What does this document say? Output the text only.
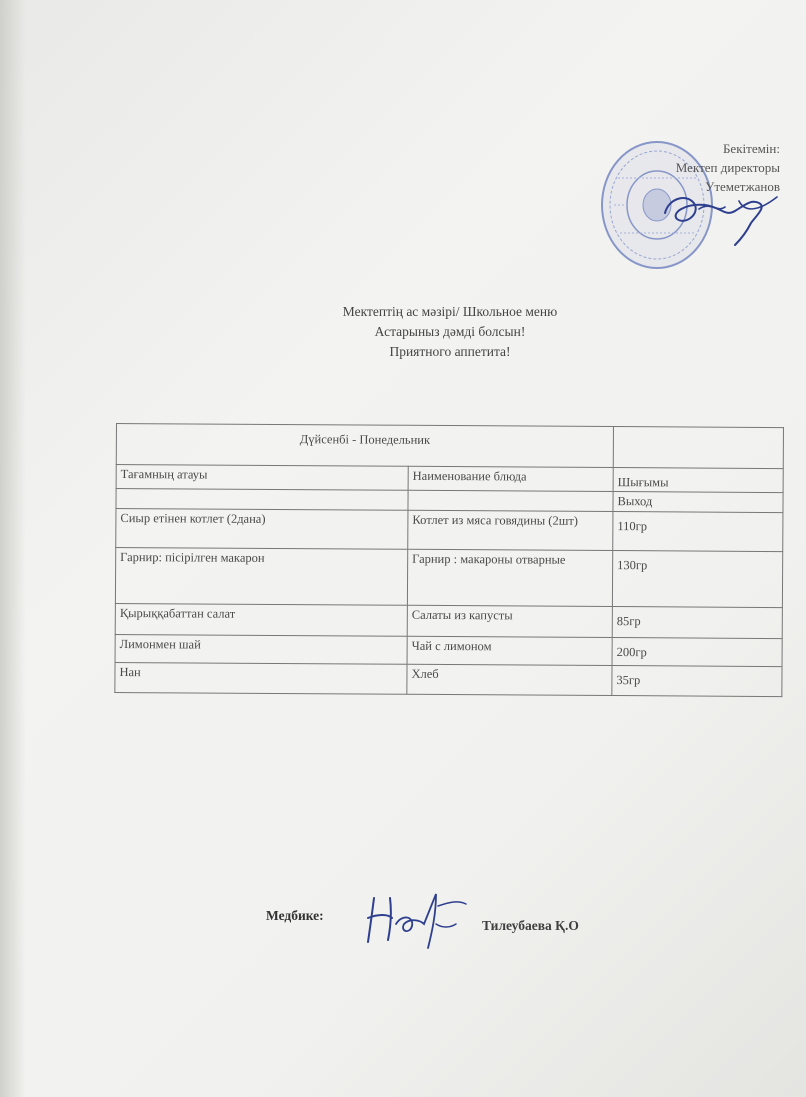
Бекітемін:
Мектеп директоры
Утеметжанов
Мектептің ас мәзірі/ Школьное меню
Астарыныз дәмді болсын!
Приятного аппетита!
Дүйсенбі - Понедельник		
Тағамның атауы	Наименование блюда	Шығымы
		Выход
Сиыр етінен котлет (2дана)	Котлет из мяса говядины (2шт)	110гр
Гарнир: пісірілген макарон	Гарнир : макароны отварные	130гр
Қырыққабаттан салат	Салаты из капусты	85гр
Лимонмен шай	Чай с лимоном	200гр
Нан	Хлеб	35гр
Медбике:
Тилеубаева Қ.О
